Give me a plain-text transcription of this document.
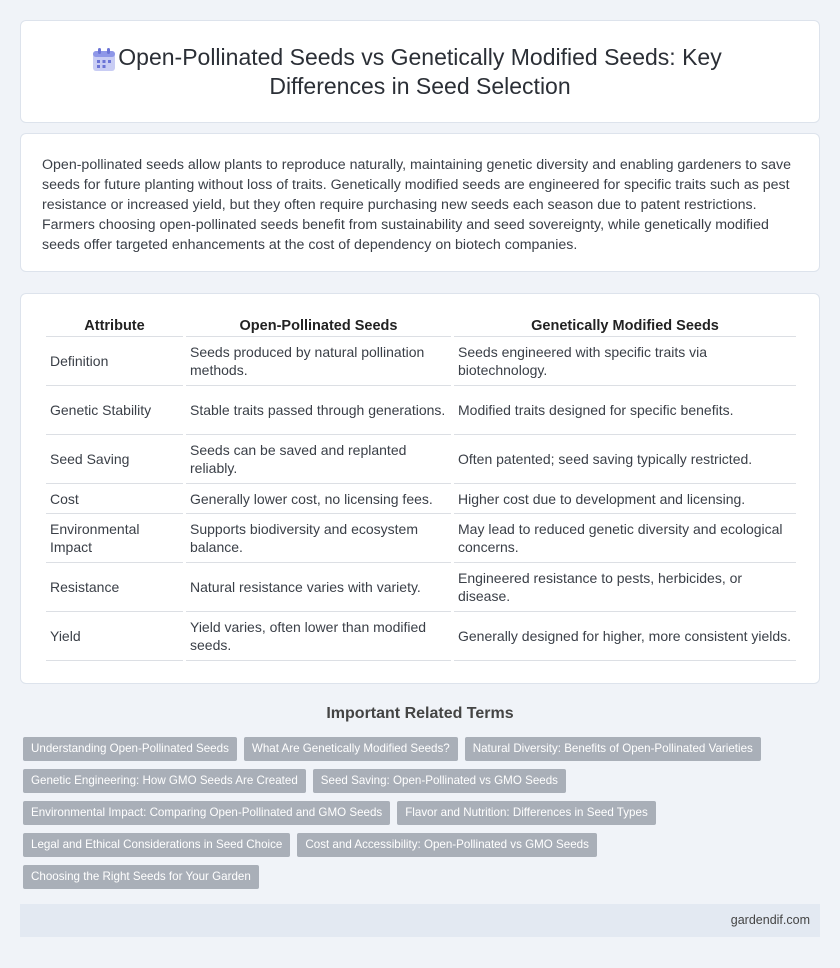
Open-Pollinated Seeds vs Genetically Modified Seeds: Key Differences in Seed Selection

Open-pollinated seeds allow plants to reproduce naturally, maintaining genetic diversity and enabling gardeners to save seeds for future planting without loss of traits. Genetically modified seeds are engineered for specific traits such as pest resistance or increased yield, but they often require purchasing new seeds each season due to patent restrictions. Farmers choosing open-pollinated seeds benefit from sustainability and seed sovereignty, while genetically modified seeds offer targeted enhancements at the cost of dependency on biotech companies.

Attribute	Open-Pollinated Seeds	Genetically Modified Seeds
Definition	Seeds produced by natural pollination methods.	Seeds engineered with specific traits via biotechnology.
Genetic Stability	Stable traits passed through generations.	Modified traits designed for specific benefits.
Seed Saving	Seeds can be saved and replanted reliably.	Often patented; seed saving typically restricted.
Cost	Generally lower cost, no licensing fees.	Higher cost due to development and licensing.
Environmental Impact	Supports biodiversity and ecosystem balance.	May lead to reduced genetic diversity and ecological concerns.
Resistance	Natural resistance varies with variety.	Engineered resistance to pests, herbicides, or disease.
Yield	Yield varies, often lower than modified seeds.	Generally designed for higher, more consistent yields.
Important Related Terms
Understanding Open-Pollinated Seeds	What Are Genetically Modified Seeds?	Natural Diversity: Benefits of Open-Pollinated Varieties
Genetic Engineering: How GMO Seeds Are Created	Seed Saving: Open-Pollinated vs GMO Seeds
Environmental Impact: Comparing Open-Pollinated and GMO Seeds	Flavor and Nutrition: Differences in Seed Types
Legal and Ethical Considerations in Seed Choice	Cost and Accessibility: Open-Pollinated vs GMO Seeds
Choosing the Right Seeds for Your Garden
gardendif.com
